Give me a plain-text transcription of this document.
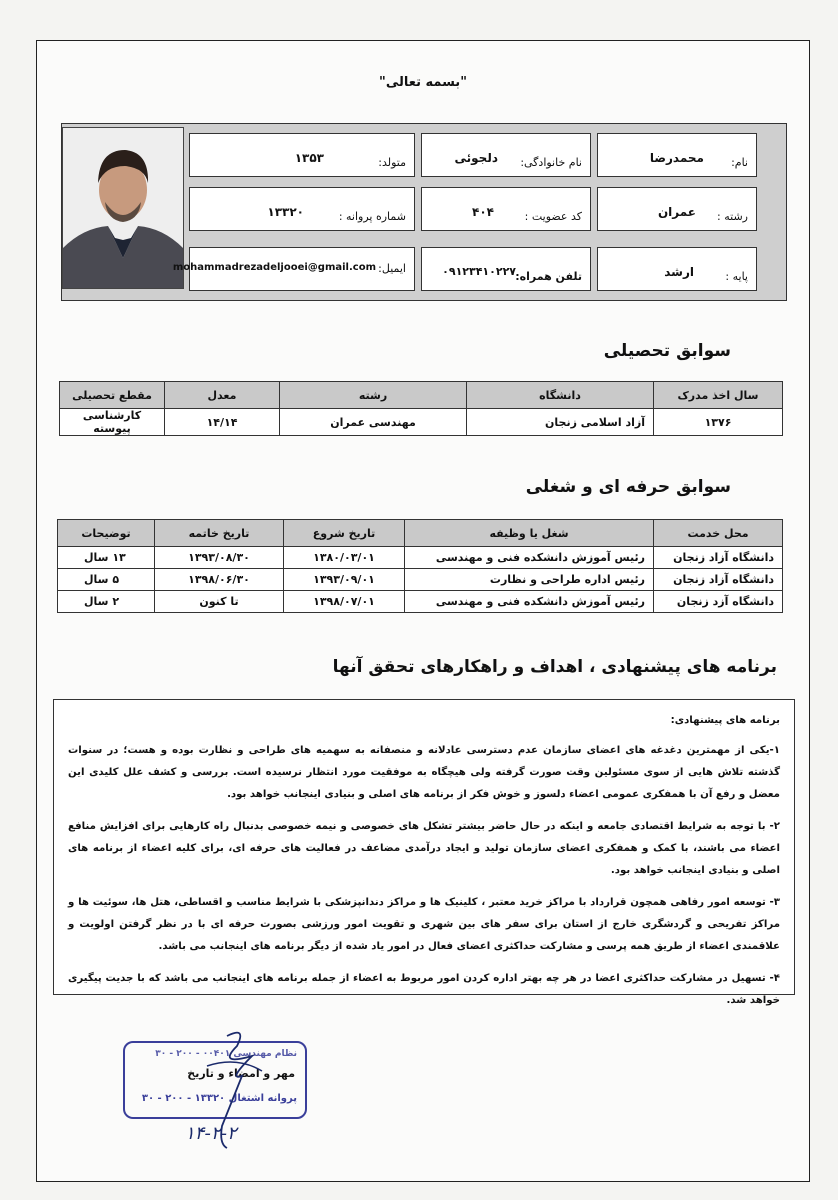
"بسمه تعالی"
نام:
محمدرضا
نام خانوادگی:
دلجوئی
متولد:
۱۳۵۳
رشته :
عمران
کد عضویت :
۴۰۴
شماره پروانه :
۱۳۳۲۰
پایه :
ارشد
تلفن همراه:
۰۹۱۲۳۴۱۰۲۲۷
ایمیل:
mohammadrezadeljooei@gmail.com
سوابق تحصیلی
سال اخذ مدرک	دانشگاه	رشته	معدل	مقطع تحصیلی
۱۳۷۶	آزاد اسلامی زنجان	مهندسی عمران	۱۴/۱۴	کارشناسی پیوسته
سوابق حرفه ای و شغلی
محل خدمت	شغل یا وظیفه	تاریخ شروع	تاریخ خاتمه	توضیحات
دانشگاه آزاد زنجان	رئیس آموزش دانشکده فنی و مهندسی	۱۳۸۰/۰۳/۰۱	۱۳۹۳/۰۸/۳۰	۱۳ سال
دانشگاه آزاد زنجان	رئیس اداره طراحی و نظارت	۱۳۹۳/۰۹/۰۱	۱۳۹۸/۰۶/۳۰	۵ سال
دانشگاه آزد زنجان	رئیس آموزش دانشکده فنی و مهندسی	۱۳۹۸/۰۷/۰۱	تا کنون	۲ سال
برنامه های پیشنهادی ، اهداف و راهکارهای تحقق آنها

برنامه های پیشنهادی:

۱-یکی از مهمترین دغدغه های اعضای سازمان عدم دسترسی عادلانه و منصفانه به سهمیه های طراحی و نظارت بوده و هست؛ در سنوات گذشته تلاش هایی از سوی مسئولین وقت صورت گرفته ولی هیچگاه به موفقیت مورد انتظار نرسیده است. بررسی و کشف علل کلیدی این معضل و رفع آن با همفکری عمومی اعضاء دلسوز و خوش فکر از برنامه های اصلی و بنیادی اینجانب خواهد بود.

۲- با توجه به شرایط اقتصادی جامعه و اینکه در حال حاضر بیشتر تشکل های خصوصی و نیمه خصوصی بدنبال راه کارهایی برای افزایش منافع اعضاء می باشند، با کمک و همفکری اعضای سازمان تولید و ایجاد درآمدی مضاعف در فعالیت های حرفه ای، برای کلیه اعضاء از برنامه های اصلی و بنیادی اینجانب خواهد بود.

۳- توسعه امور رفاهی همچون قرارداد با مراکز خرید معتبر ، کلینیک ها و مراکز دندانپزشکی با شرایط مناسب و اقساطی، هتل ها، سوئیت ها و مراکز تفریحی و گردشگری خارج از استان برای سفر های بین شهری و تقویت امور ورزشی بصورت حرفه ای با در نظر گرفتن اولویت و علاقمندی اعضاء از طریق همه پرسی و مشارکت حداکثری اعضای فعال در امور یاد شده از دیگر برنامه های اینجانب می باشد.

۴- تسهیل در مشارکت حداکثری اعضا در هر چه بهتر اداره کردن امور مربوط به اعضاء از جمله برنامه های اینجانب می باشد که با جدیت پیگیری خواهد شد.

مهر و امضاء و تاریخ
نظام مهندسی ۰۰۴۰۱ - ۲۰۰ - ۳۰
پروانه اشتغال ۱۳۳۲۰ - ۲۰۰ - ۳۰
۱۴-۲-۲
